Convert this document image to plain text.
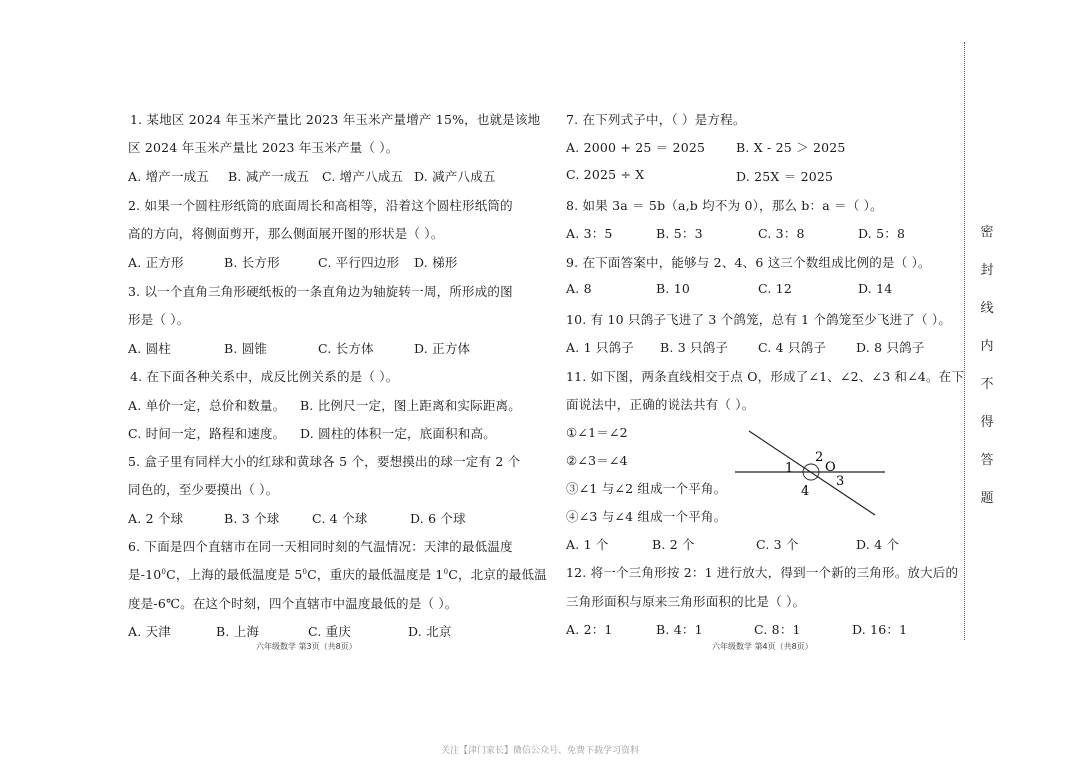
1. 某地区 2024 年玉米产量比 2023 年玉米产量增产 15%，也就是该地
区 2024 年玉米产量比 2023 年玉米产量（ ）。
A. 增产一成五 B. 减产一成五 C. 增产八成五 D. 减产八成五
2. 如果一个圆柱形纸筒的底面周长和高相等，沿着这个圆柱形纸筒的
高的方向，将侧面剪开，那么侧面展开图的形状是（ ）。
A. 正方形	B. 长方形	C. 平行四边形 D. 梯形
3. 以一个直角三角形硬纸板的一条直角边为轴旋转一周，所形成的图
形是（ ）。
A. 圆柱	B. 圆锥	C. 长方体	D. 正方体
4. 在下面各种关系中，成反比例关系的是（ ）。
A. 单价一定，总价和数量。 B. 比例尺一定，图上距离和实际距离。
C. 时间一定，路程和速度。 D. 圆柱的体积一定，底面积和高。
5. 盒子里有同样大小的红球和黄球各 5 个，要想摸出的球一定有 2 个
同色的，至少要摸出（ ）。
A. 2 个球	B. 3 个球	C. 4 个球	D. 6 个球
6. 下面是四个直辖市在同一天相同时刻的气温情况：天津的最低温度
是$-10^0C$，上海的最低温度是 $5^0C$，重庆的最低温度是 $1^0C$，北京的最低温
度是-6℃。在这个时刻，四个直辖市中温度最低的是（ ）。
A. 天津	B. 上海	C. 重庆	D. 北京
六年级数学 第3页（共8页）
7. 在下列式子中，（ ）是方程。
A. 2000 + 25 ＝ 2025 B. X - 25 ＞ 2025
C. 2025 ÷ X	D. 25X ＝ 2025
8. 如果 3a ＝ 5b（a,b 均不为 0），那么 b：a ＝（ ）。
A. 3：5	B. 5：3	C. 3：8	D. 5：8
9. 在下面答案中，能够与 2、4、6 这三个数组成比例的是（ ）。
A. 8	B. 10	C. 12	D. 14
10. 有 10 只鸽子飞进了 3 个鸽笼，总有 1 个鸽笼至少飞进了（ ）。
A. 1 只鸽子 B. 3 只鸽子 C. 4 只鸽子 D. 8 只鸽子
11. 如下图，两条直线相交于点 O，形成了∠1、∠2、∠3 和∠4。在下
面说法中，正确的说法共有（ ）。
①∠1＝∠2
②∠3＝∠4
③∠1 与∠2 组成一个平角。
④∠3 与∠4 组成一个平角。
A. 1 个	B. 2 个	C. 3 个	D. 4 个
12. 将一个三角形按 2：1 进行放大，得到一个新的三角形。放大后的
三角形面积与原来三角形面积的比是（ ）。
A. 2：1	B. 4：1	C. 8：1	D. 16：1
六年级数学 第4页（共8页）
1
2
O
3
4
密
封
线
内
不
得
答
题
关注【津门家长】微信公众号、免费下载学习资料
